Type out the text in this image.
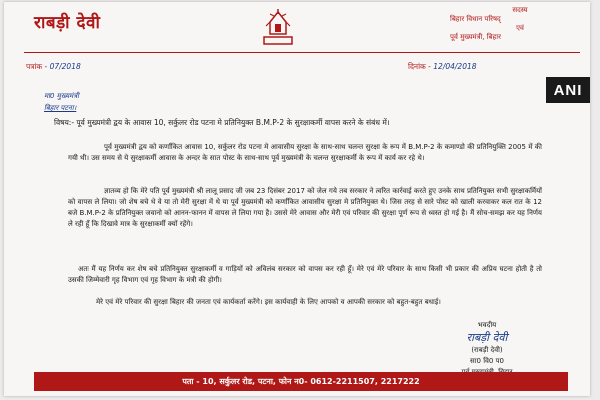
राबड़ी देवी
सदस्य
बिहार विधान परिषद्
एवं
पूर्व मुख्यमंत्री, बिहार
पत्रांक - 07/2018	दिनांक - 12/04/2018
ANI
मा0 मुख्यमंत्री
बिहार पटना।
विषय:- पूर्व मुख्यमंत्री द्वय के आवास 10, सर्कुलर रोड पटना मे प्रतिनियुक्त B.M.P-2 के सुरक्षाकर्मी वापस करने के संबंध में।
पूर्व मुख्यमंत्री द्वय को कर्णांकित आवास 10, सर्कुलर रोड पटना मे आवासीय सुरक्षा के साथ-साथ चलन्त सुरक्षा के रूप में B.M.P-2 के कमाण्डो की प्रतिनियुक्ति 2005 में की गयी थी। उस समय से ये सुरक्षाकर्मी आवास के अन्दर के सात पोस्ट के साथ-साथ पूर्व मुख्यमंत्री के चलन्त सुरक्षाकर्मी के रूप में कार्य कर रहे थे।
ज्ञातव्य हो कि मेरे पति पूर्व मुख्यमंत्री श्री लालू प्रसाद जी जब 23 दिसंबर 2017 को जेल गये तब सरकार ने त्वरित कार्रवाई करते हुए उनके साथ प्रतिनियुक्त सभी सुरक्षाकर्मियों को वापस ले लिया। जो शेष बचे थे वे या तो मेरी सुरक्षा में थे या पूर्व मुख्यमंत्री को कर्णांकित आवासीय सुरक्षा मे प्रतिनियुक्त थे। जिस तरह से सारे पोस्ट को खाली करवाकर कल रात के 12 बजे B.M.P-2 के प्रतिनियुक्त जवानो को आनन-फानन में वापस ले लिया गया है। उससे मेरे आवास और मेरी एवं परिवार की सुरक्षा पूर्ण रूप से ध्वस्त हो गई है। मैं सोच-समझ कर यह निर्णय ले रही हूँ कि दिखावे मात्र के सुरक्षाकर्मी क्यों रहेंगे।
अतः मैं यह निर्णय कर शेष बचे प्रतिनियुक्त सुरक्षाकर्मी व गाड़ियों को अविलंब सरकार को वापस कर रही हूँ। मेरे एवं मेरे परिवार के साथ किसी भी प्रकार की अप्रिय घटना होती है तो उसकी जिम्मेवारी गृह विभाग एवं गृह विभाग के मंत्री की होगी।
मेरे एवं मेरे परिवार की सुरक्षा बिहार की जनता एवं कार्यकर्ता करेंगे। इस कार्यवाही के लिए आपको व आपकी सरकार को बहुत-बहुत बधाई।
भवदीय
राबड़ी देवी
(राबड़ी देवी)
सा0 वि0 प0
पता - 10, सर्कुलर रोड, पटना, फोन न0- 0612-2211507, 2217222
